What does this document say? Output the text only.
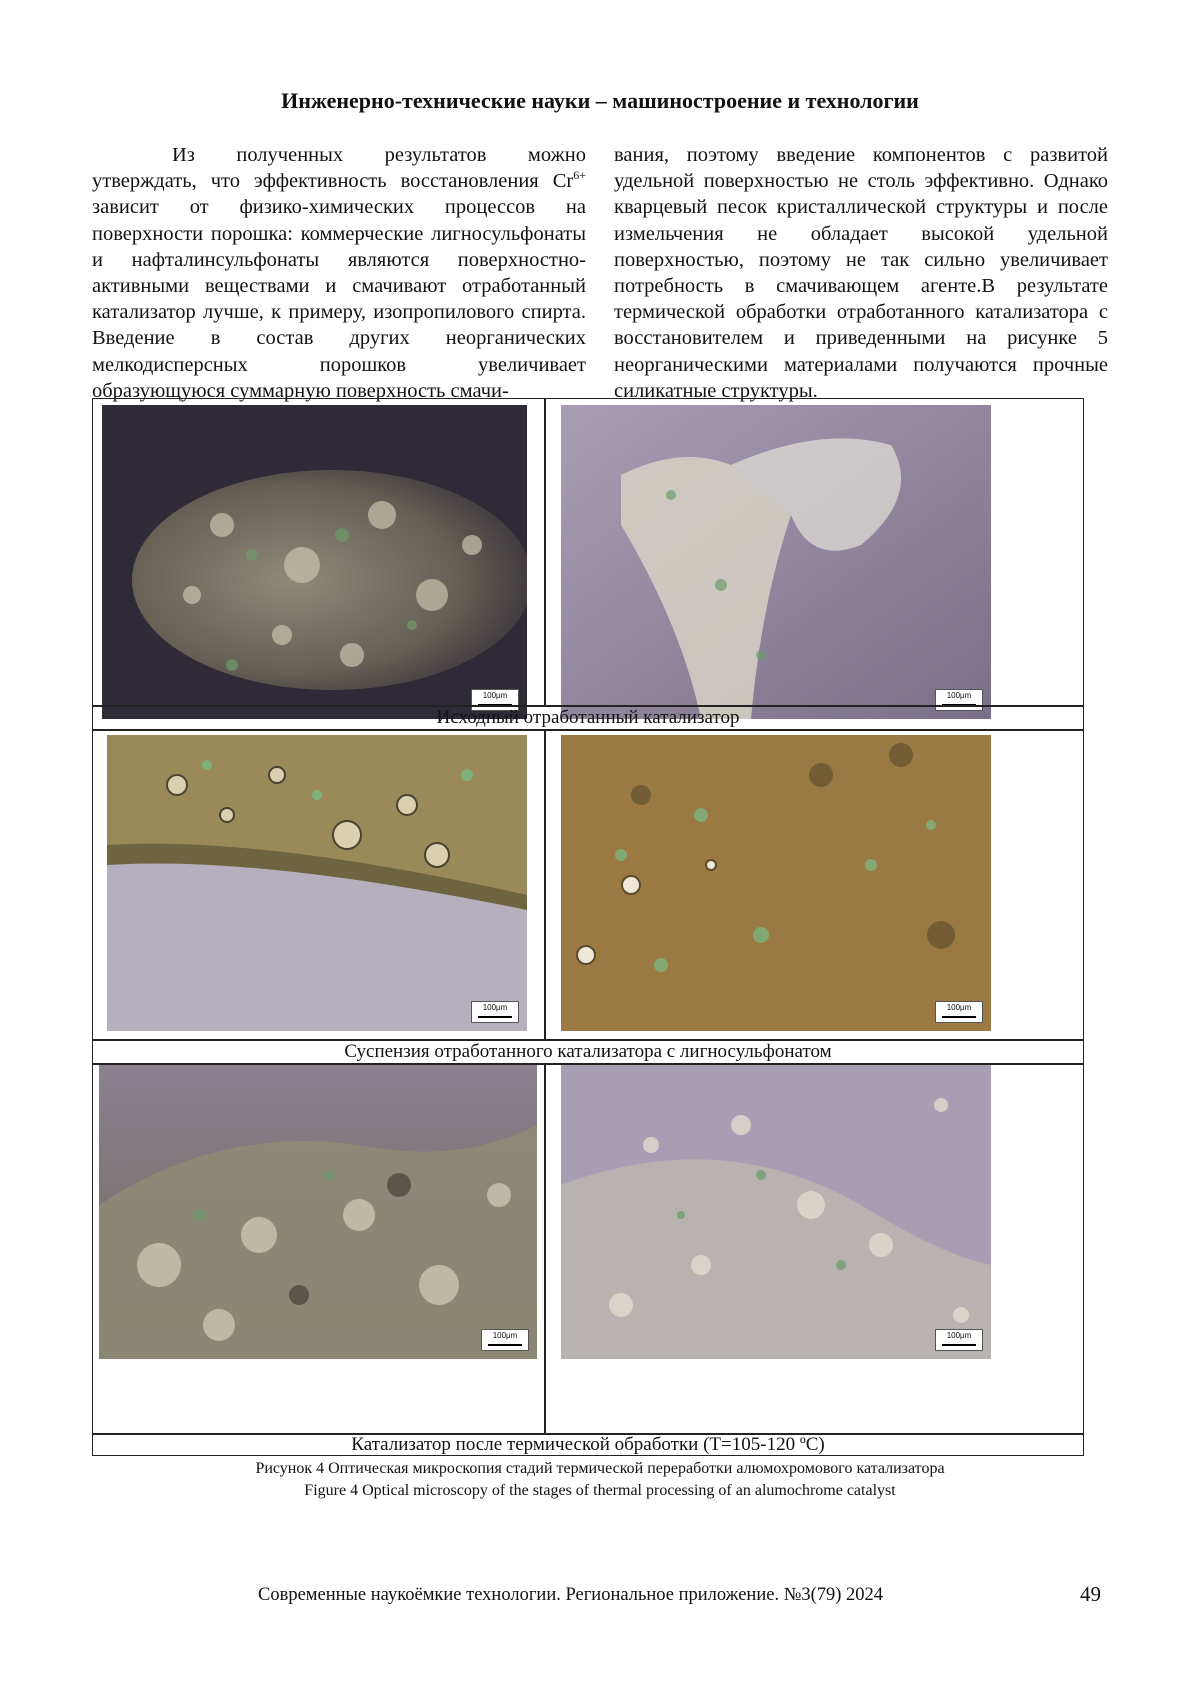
Инженерно-технические науки – машиностроение и технологии

Из полученных результатов можно утверждать, что эффективность восстановления $Cr^{6+}$ зависит от физико-химических процессов на поверхности порошка: коммерческие лигносульфонаты и нафталинсульфонаты являются поверхностно-активными веществами и смачивают отработанный катализатор лучше, к примеру, изопропилового спирта. Введение в состав других неорганических мелкодисперсных порошков увеличивает образующуюся суммарную поверхность смачи-

вания, поэтому введение компонентов с развитой удельной поверхностью не столь эффективно. Однако кварцевый песок кристаллической структуры и после измельчения не обладает высокой удельной поверхностью, поэтому не так сильно увеличивает потребность в смачивающем агенте.В результате термической обработки отработанного катализатора с восстановителем и приведенными на рисунке 5 неорганическими материалами получаются прочные силикатные структуры.

100μm	100μm
Исходный отработанный катализатор
100μm	100μm
Суспензия отработанного катализатора с лигносульфонатом
100μm	100μm
Катализатор после термической обработки (Т=105-120 ºС)
Рисунок 4 Оптическая микроскопия стадий термической переработки алюмохромового катализатора
Figure 4 Optical microscopy of the stages of thermal processing of an alumochrome catalyst
Современные наукоёмкие технологии. Региональное приложение. №3(79) 2024	49
